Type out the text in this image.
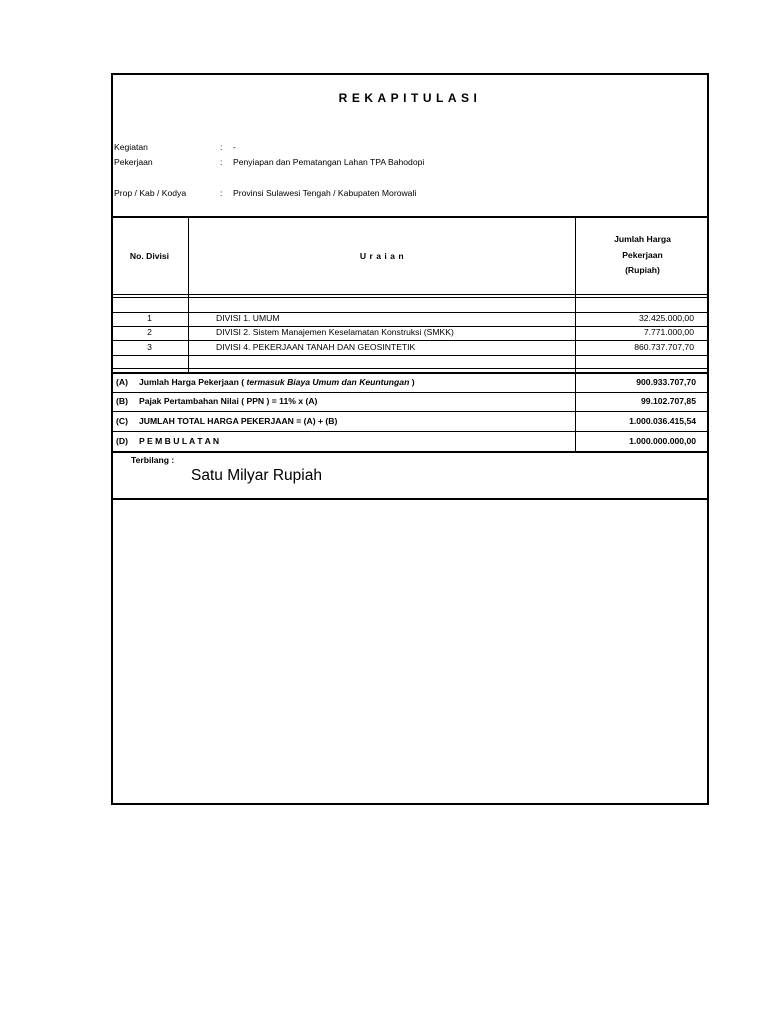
REKAPITULASI
Kegiatan	: -
Pekerjaan	: Penyiapan dan Pematangan Lahan TPA Bahodopi
Prop / Kab / Kodya	: Provinsi Sulawesi Tengah / Kabupaten Morowali
No. Divisi	U r a i a n
Jumlah Harga
Pekerjaan
(Rupiah)
1	DIVISI 1. UMUM	32.425.000,00
2	DIVISI 2. Sistem Manajemen Keselamatan Konstruksi (SMKK)	7.771.000,00
3	DIVISI 4. PEKERJAAN TANAH DAN GEOSINTETIK	860.737.707,70
(A) Jumlah Harga Pekerjaan ( termasuk Biaya Umum dan Keuntungan )	900.933.707,70
(B) Pajak Pertambahan Nilai ( PPN ) = 11% x (A)	99.102.707,85
(C) JUMLAH TOTAL HARGA PEKERJAAN = (A) + (B)	1.000.036.415,54
(D) P E M B U L A T A N	1.000.000.000,00
Terbilang :
Satu Milyar Rupiah
